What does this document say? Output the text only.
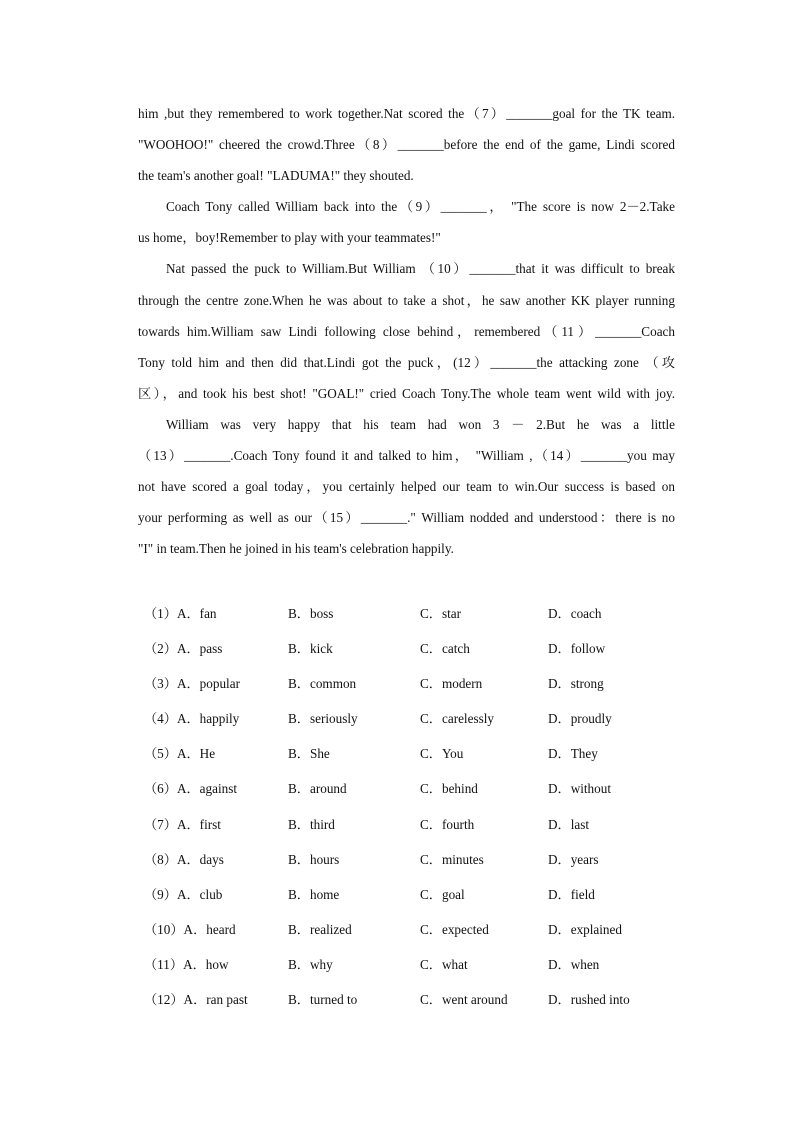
him ,but they remembered to work together.Nat scored the（7）_______goal for the TK team.
"WOOHOO!" cheered the crowd.Three（8）_______before the end of the game, Lindi scored
the team's another goal! "LADUMA!" they shouted.
Coach Tony called William back into the（9）_______， "The score is now 2－2.Take
us home，boy!Remember to play with your teammates!"
Nat passed the puck to William.But William （10）_______that it was difficult to break
through the centre zone.When he was about to take a shot，he saw another KK player running
towards him.William saw Lindi following close behind，remembered（11）_______Coach
Tony told him and then did that.Lindi got the puck，(12）_______the attacking zone （攻
区），and took his best shot! "GOAL!" cried Coach Tony.The whole team went wild with joy.
William was very happy that his team had won 3 － 2.But he was a little
（13）_______.Coach Tony found it and talked to him， "William ,（14）_______you may
not have scored a goal today，you certainly helped our team to win.Our success is based on
your performing as well as our（15）_______." William nodded and understood：there is no
"I" in team.Then he joined in his team's celebration happily.
（1）A．fan	B．boss	C．star	D．coach
（2）A．pass	B．kick	C．catch	D．follow
（3）A．popular	B．common	C．modern	D．strong
（4）A．happily	B．seriously	C．carelessly	D．proudly
（5）A．He	B．She	C．You	D．They
（6）A．against	B．around	C．behind	D．without
（7）A．first	B．third	C．fourth	D．last
（8）A．days	B．hours	C．minutes	D．years
（9）A．club	B．home	C．goal	D．field
（10）A．heard	B．realized	C．expected	D．explained
（11）A．how	B．why	C．what	D．when
（12）A．ran past	B．turned to	C．went around	D．rushed into
